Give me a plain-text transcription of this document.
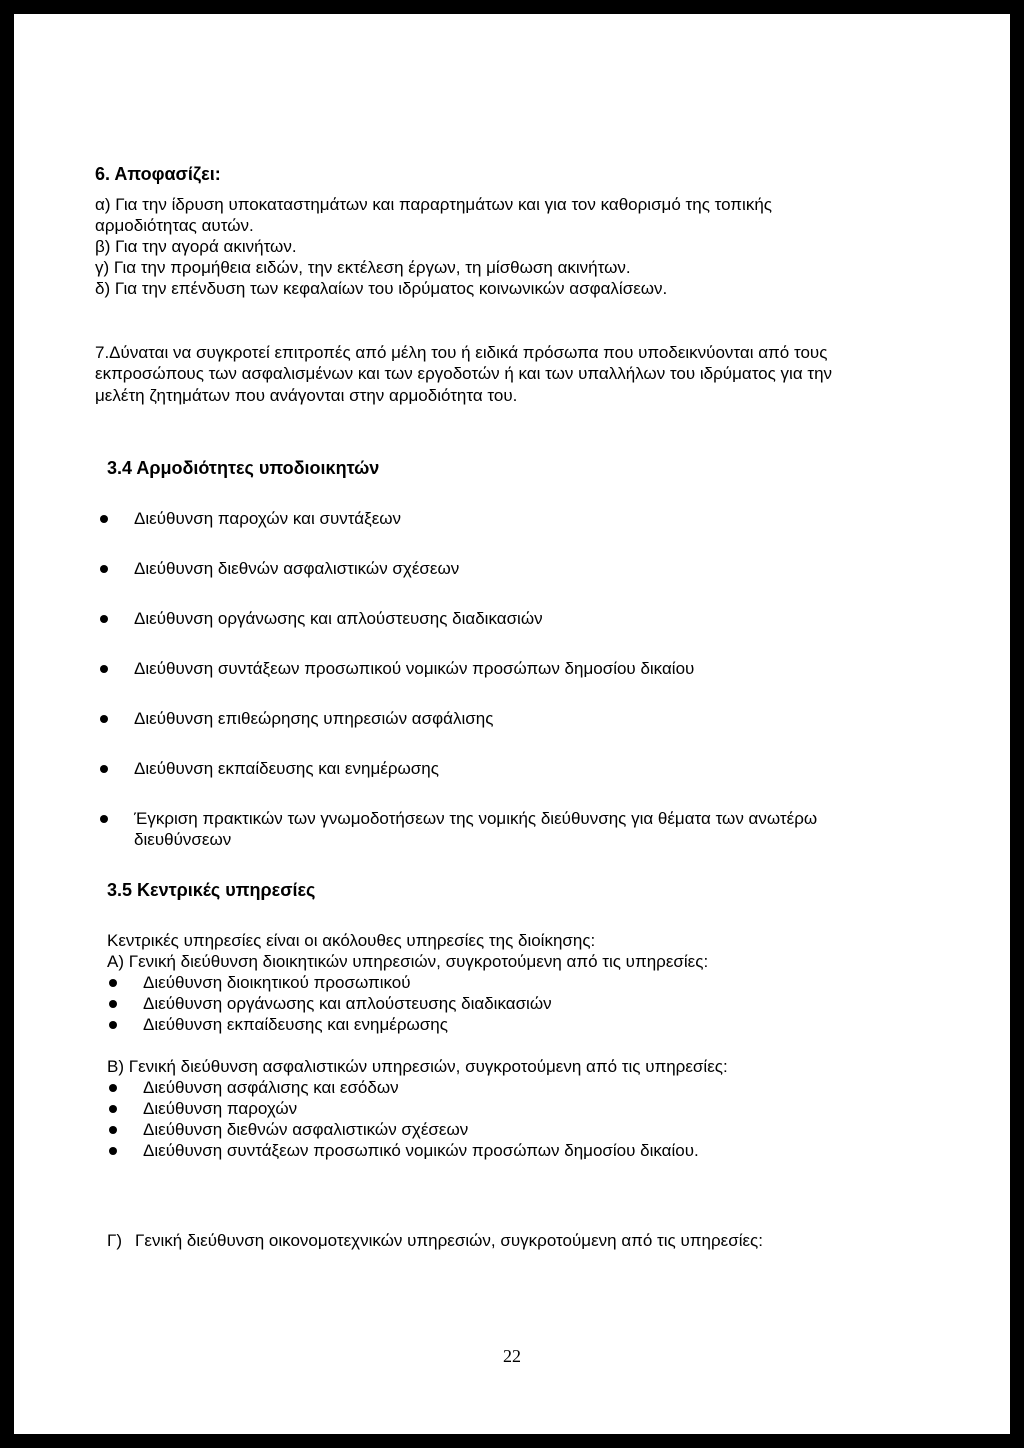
6. Αποφασίζει:

α) Για την ίδρυση υποκαταστημάτων και παραρτημάτων και για τον καθορισμό της τοπικής αρμοδιότητας αυτών.

β) Για την αγορά ακινήτων.

γ) Για την προμήθεια ειδών, την εκτέλεση έργων, τη μίσθωση ακινήτων.

δ) Για την επένδυση των κεφαλαίων του ιδρύματος κοινωνικών ασφαλίσεων.

7.Δύναται να συγκροτεί επιτροπές από μέλη του ή ειδικά πρόσωπα που υποδεικνύονται από τους εκπροσώπους των ασφαλισμένων και των εργοδοτών ή και των υπαλλήλων του ιδρύματος για την μελέτη ζητημάτων που ανάγονται στην αρμοδιότητα του.

3.4 Αρμοδιότητες υποδιοικητών
Διεύθυνση παροχών και συντάξεων
Διεύθυνση διεθνών ασφαλιστικών σχέσεων
Διεύθυνση οργάνωσης και απλούστευσης διαδικασιών
Διεύθυνση συντάξεων προσωπικού νομικών προσώπων δημοσίου δικαίου
Διεύθυνση επιθεώρησης υπηρεσιών ασφάλισης
Διεύθυνση εκπαίδευσης και ενημέρωσης
Έγκριση πρακτικών των γνωμοδοτήσεων της νομικής διεύθυνσης για θέματα των ανωτέρω διευθύνσεων
3.5 Κεντρικές υπηρεσίες

Κεντρικές υπηρεσίες είναι οι ακόλουθες υπηρεσίες της διοίκησης:

Α) Γενική διεύθυνση διοικητικών υπηρεσιών, συγκροτούμενη από τις υπηρεσίες:

Διεύθυνση διοικητικού προσωπικού
Διεύθυνση οργάνωσης και απλούστευσης διαδικασιών
Διεύθυνση εκπαίδευσης και ενημέρωσης

Β) Γενική διεύθυνση ασφαλιστικών υπηρεσιών, συγκροτούμενη από τις υπηρεσίες:

Διεύθυνση ασφάλισης και εσόδων
Διεύθυνση παροχών
Διεύθυνση διεθνών ασφαλιστικών σχέσεων
Διεύθυνση συντάξεων προσωπικό νομικών προσώπων δημοσίου δικαίου.
Γ) Γενική διεύθυνση οικονομοτεχνικών υπηρεσιών, συγκροτούμενη από τις υπηρεσίες:

22
